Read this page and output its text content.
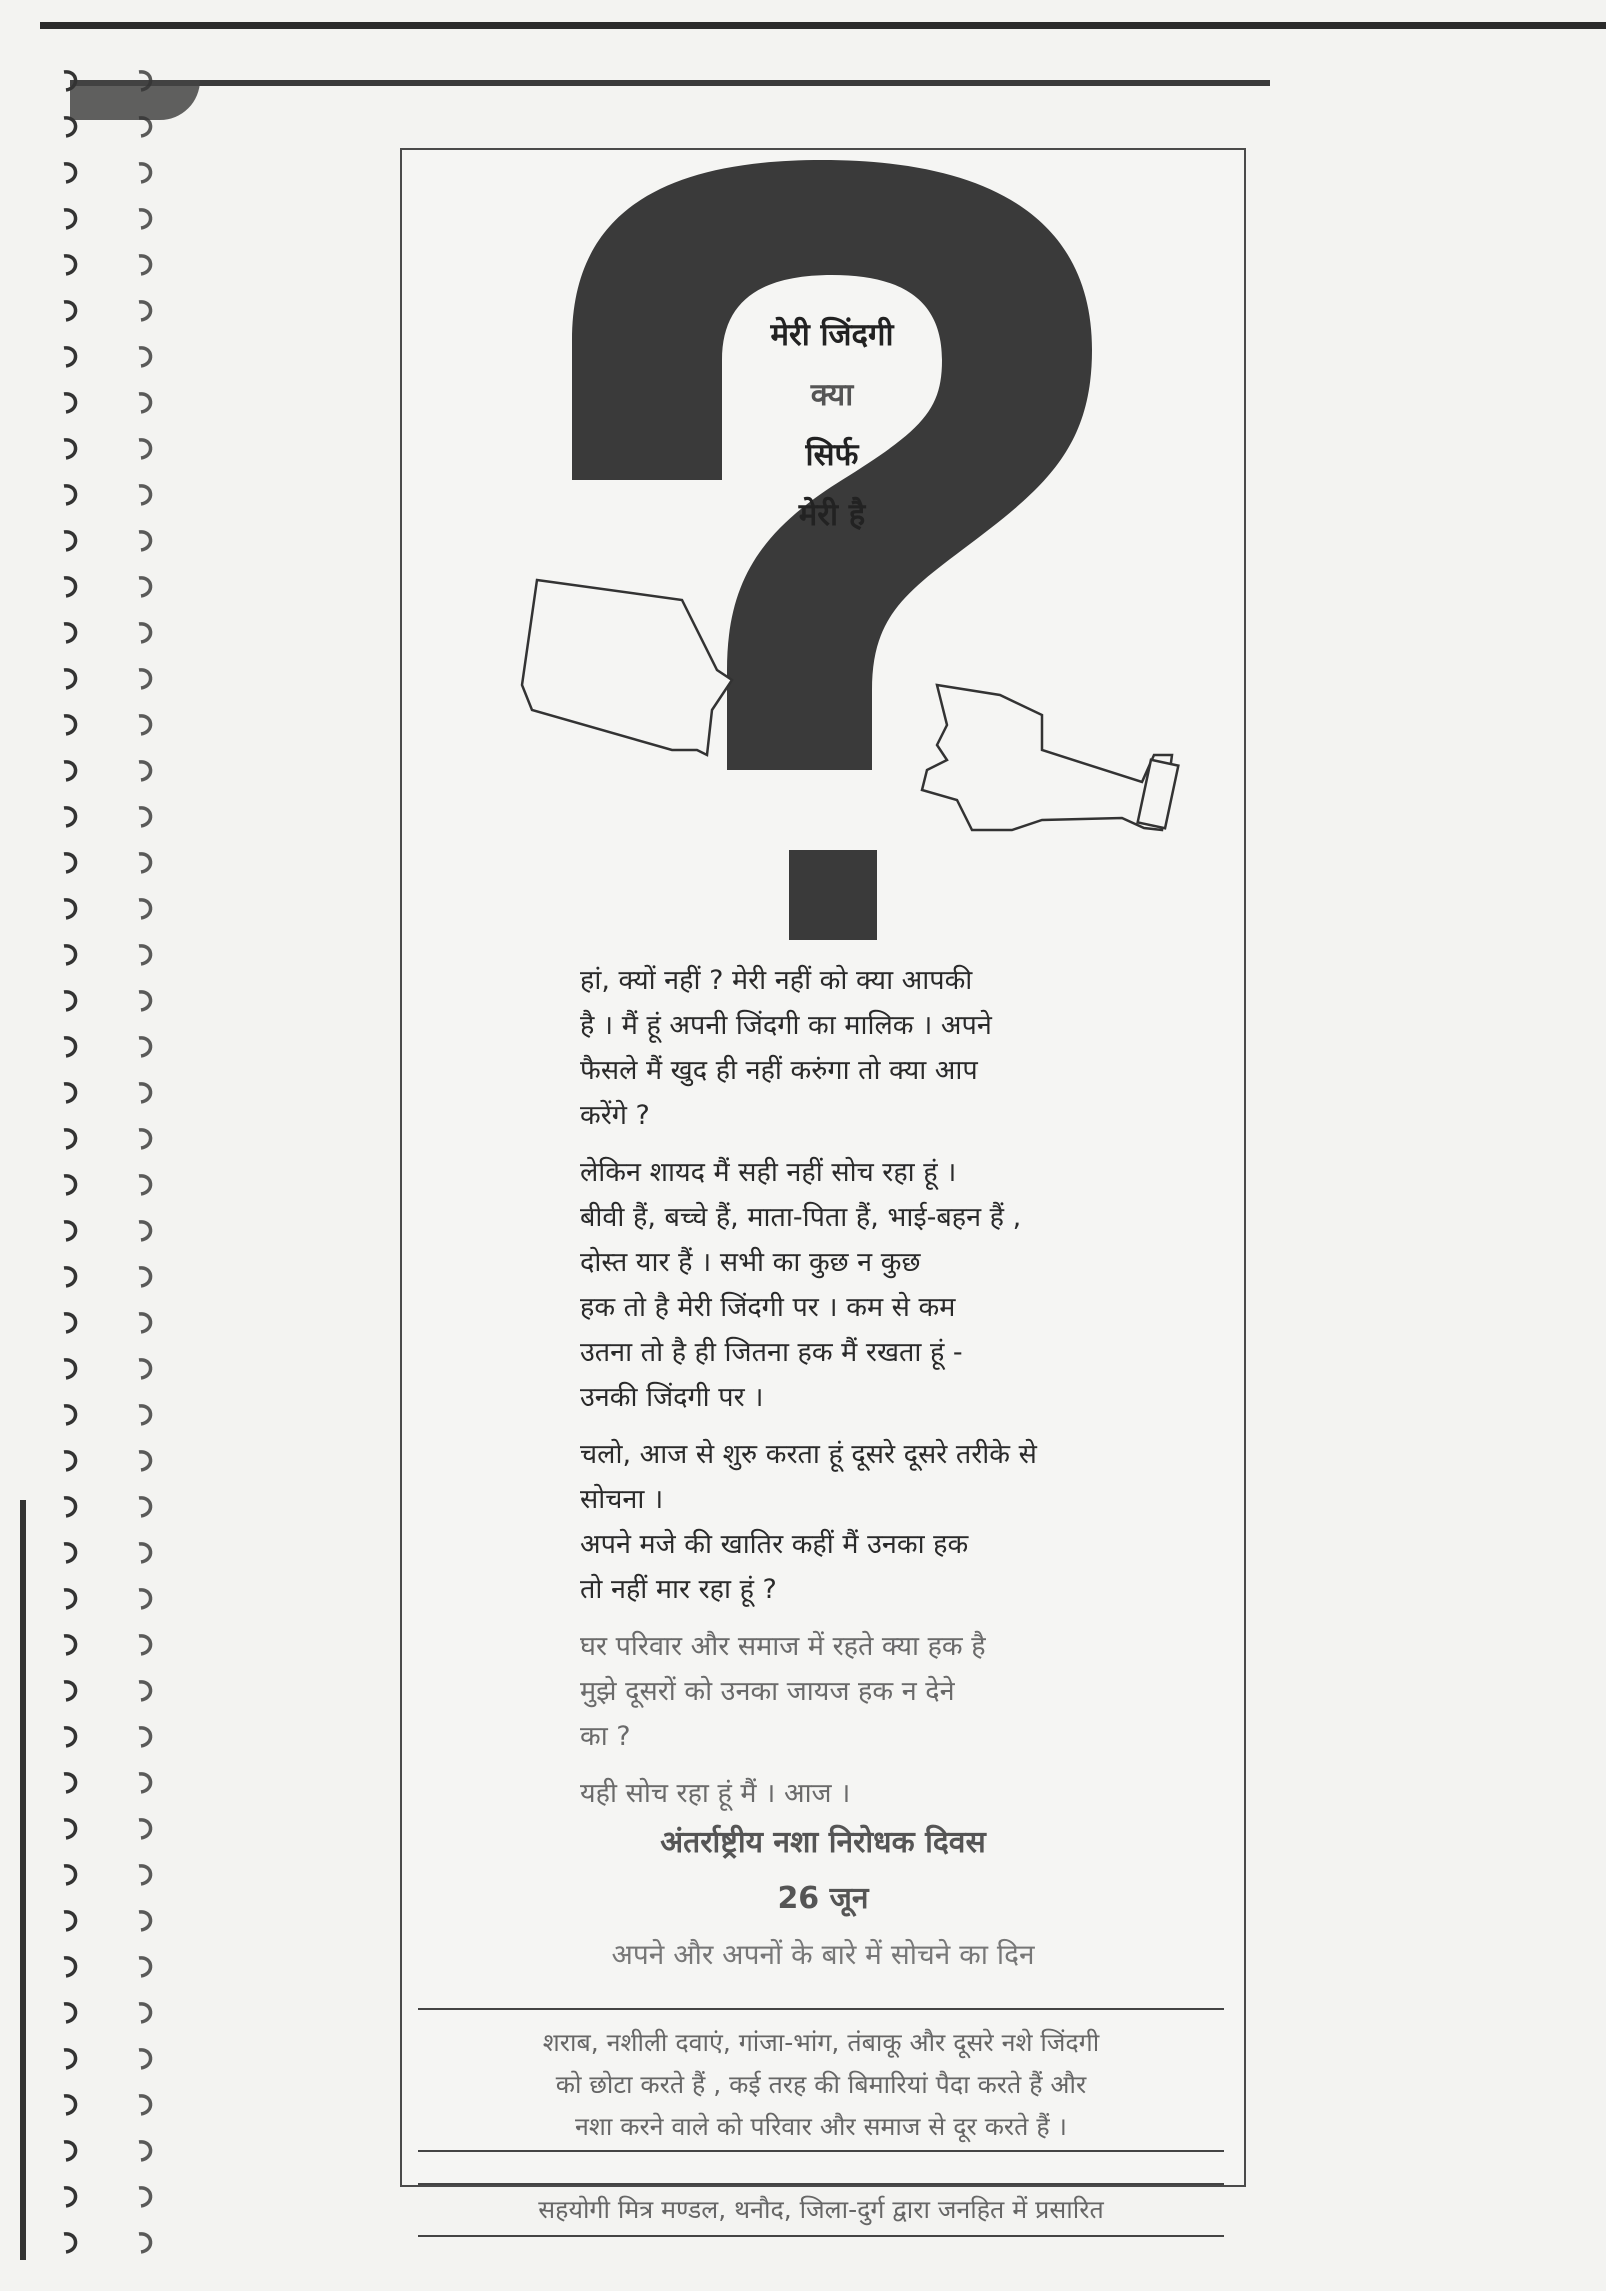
मेरी जिंदगी
क्या
सिर्फ
मेरी है

हां, क्यों नहीं ? मेरी नहीं को क्या आपकी
है । मैं हूं अपनी जिंदगी का मालिक । अपने
फैसले मैं खुद ही नहीं करुंगा तो क्या आप
करेंगे ?

लेकिन शायद मैं सही नहीं सोच रहा हूं ।
बीवी हैं, बच्चे हैं, माता-पिता हैं, भाई-बहन हैं ,
दोस्त यार हैं । सभी का कुछ न कुछ
हक तो है मेरी जिंदगी पर । कम से कम
उतना तो है ही जितना हक मैं रखता हूं -
उनकी जिंदगी पर ।

चलो, आज से शुरु करता हूं दूसरे दूसरे तरीके से
सोचना ।
अपने मजे की खातिर कहीं मैं उनका हक
तो नहीं मार रहा हूं ?

घर परिवार और समाज में रहते क्या हक है
मुझे दूसरों को उनका जायज हक न देने
का ?

यही सोच रहा हूं मैं । आज ।

अंतर्राष्ट्रीय नशा निरोधक दिवस
26 जून
अपने और अपनों के बारे में सोचने का दिन
शराब, नशीली दवाएं, गांजा-भांग, तंबाकू और दूसरे नशे जिंदगी
को छोटा करते हैं , कई तरह की बिमारियां पैदा करते हैं और
नशा करने वाले को परिवार और समाज से दूर करते हैं ।
सहयोगी मित्र मण्डल, थनौद, जिला-दुर्ग द्वारा जनहित में प्रसारित
